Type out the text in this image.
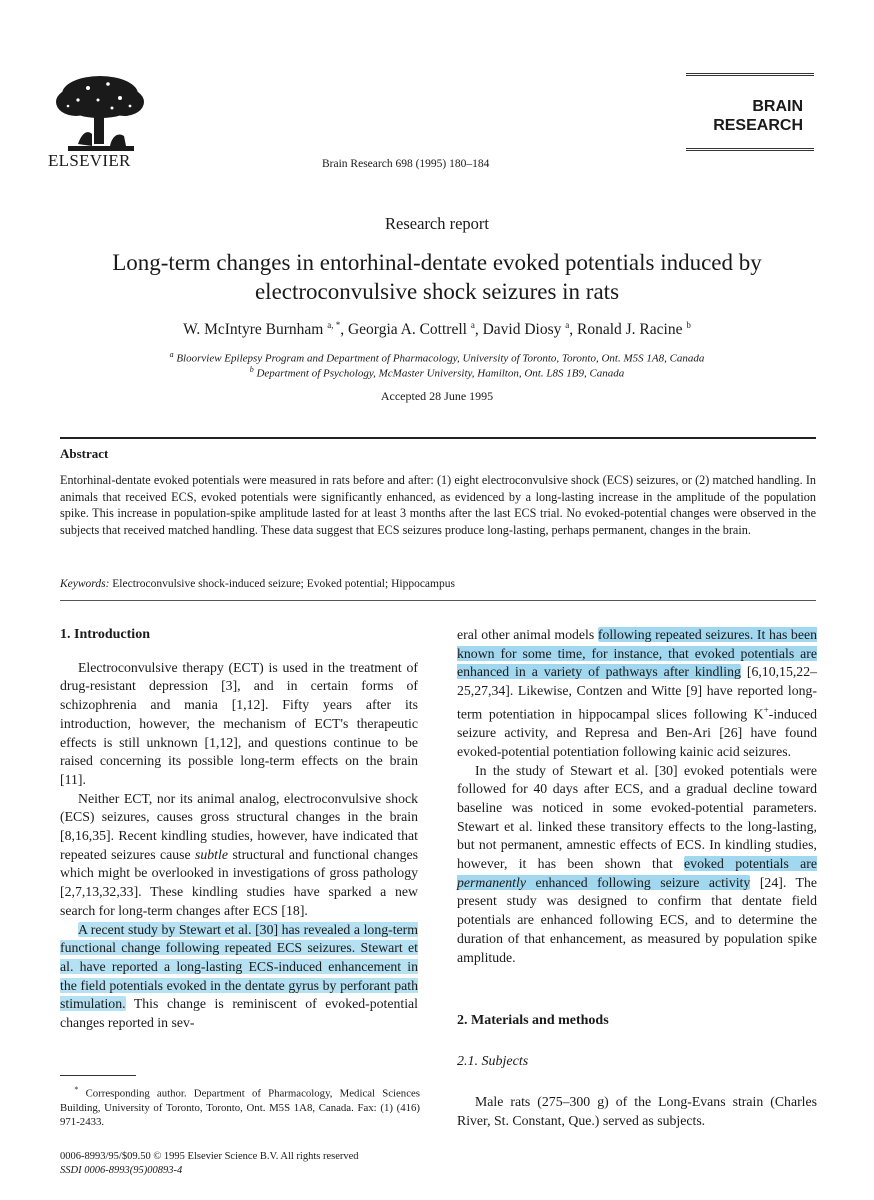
ELSEVIER	Brain Research 698 (1995) 180–184
BRAIN
RESEARCH
Research report
Long-term changes in entorhinal-dentate evoked potentials induced by
electroconvulsive shock seizures in rats
W. McIntyre Burnham $^{a, *}$, Georgia A. Cottrell $^a$, David Diosy $^a$, Ronald J. Racine $^b$
$^a$ Bloorview Epilepsy Program and Department of Pharmacology, University of Toronto, Toronto, Ont. M5S 1A8, Canada
$^b$ Department of Psychology, McMaster University, Hamilton, Ont. L8S 1B9, Canada
Accepted 28 June 1995
Abstract
Entorhinal-dentate evoked potentials were measured in rats before and after: (1) eight electroconvulsive shock (ECS) seizures, or (2) matched handling. In animals that received ECS, evoked potentials were significantly enhanced, as evidenced by a long-lasting increase in the amplitude of the population spike. This increase in population-spike amplitude lasted for at least 3 months after the last ECS trial. No evoked-potential changes were observed in the subjects that received matched handling. These data suggest that ECS seizures produce long-lasting, perhaps permanent, changes in the brain.
Keywords: Electroconvulsive shock-induced seizure; Evoked potential; Hippocampus
1. Introduction

Electroconvulsive therapy (ECT) is used in the treatment of drug-resistant depression [3], and in certain forms of schizophrenia and mania [1,12]. Fifty years after its introduction, however, the mechanism of ECT's therapeutic effects is still unknown [1,12], and questions continue to be raised concerning its possible long-term effects on the brain [11].

Neither ECT, nor its animal analog, electroconvulsive shock (ECS) seizures, causes gross structural changes in the brain [8,16,35]. Recent kindling studies, however, have indicated that repeated seizures cause subtle structural and functional changes which might be overlooked in investigations of gross pathology [2,7,13,32,33]. These kindling studies have sparked a new search for long-term changes after ECS [18].

A recent study by Stewart et al. [30] has revealed a long-term functional change following repeated ECS seizures. Stewart et al. have reported a long-lasting ECS-induced enhancement in the field potentials evoked in the dentate gyrus by perforant path stimulation. This change is reminiscent of evoked-potential changes reported in sev-

eral other animal models following repeated seizures. It has been known for some time, for instance, that evoked potentials are enhanced in a variety of pathways after kindling [6,10,15,22–25,27,34]. Likewise, Contzen and Witte [9] have reported long-term potentiation in hippocampal slices following K+-induced seizure activity, and Represa and Ben-Ari [26] have found evoked-potential potentiation following kainic acid seizures.

In the study of Stewart et al. [30] evoked potentials were followed for 40 days after ECS, and a gradual decline toward baseline was noticed in some evoked-potential parameters. Stewart et al. linked these transitory effects to the long-lasting, but not permanent, amnestic effects of ECS. In kindling studies, however, it has been shown that evoked potentials are permanently enhanced following seizure activity [24]. The present study was designed to confirm that dentate field potentials are enhanced following ECS, and to determine the duration of that enhancement, as measured by population spike amplitude.

2. Materials and methods
2.1. Subjects

Male rats (275–300 g) of the Long-Evans strain (Charles River, St. Constant, Que.) served as subjects.

* Corresponding author. Department of Pharmacology, Medical Sciences Building, University of Toronto, Toronto, Ont. M5S 1A8, Canada. Fax: (1) (416) 971-2433.
0006-8993/95/$09.50 © 1995 Elsevier Science B.V. All rights reserved
SSDI 0006-8993(95)00893-4
